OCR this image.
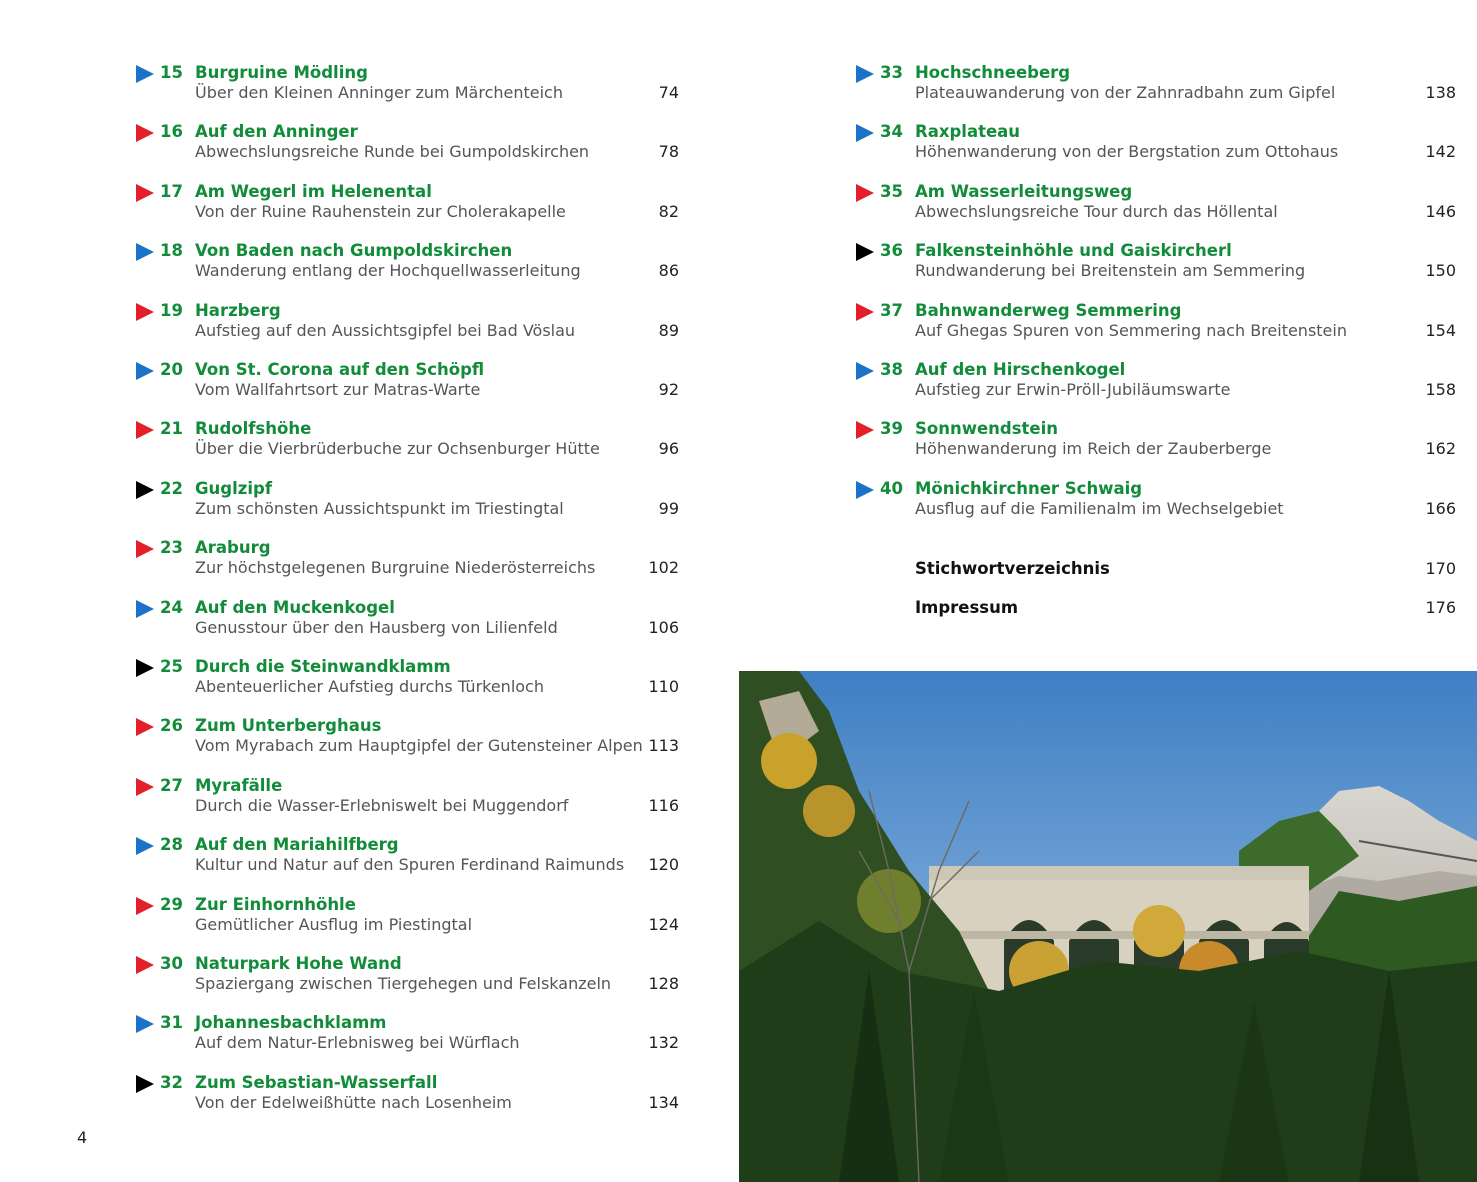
15 Burgruine Mödling
Über den Kleinen Anninger zum Märchenteich	74
16 Auf den Anninger
Abwechslungsreiche Runde bei Gumpoldskirchen	78
17 Am Wegerl im Helenental
Von der Ruine Rauhenstein zur Cholerakapelle	82
18 Von Baden nach Gumpoldskirchen
Wanderung entlang der Hochquellwasserleitung	86
19 Harzberg
Aufstieg auf den Aussichtsgipfel bei Bad Vöslau	89
20 Von St. Corona auf den Schöpfl
Vom Wallfahrtsort zur Matras-Warte	92
21 Rudolfshöhe
Über die Vierbrüderbuche zur Ochsenburger Hütte	96
22 Guglzipf
Zum schönsten Aussichtspunkt im Triestingtal	99
23 Araburg
Zur höchstgelegenen Burgruine Niederösterreichs	102
24 Auf den Muckenkogel
Genusstour über den Hausberg von Lilienfeld	106
25 Durch die Steinwandklamm
Abenteuerlicher Aufstieg durchs Türkenloch	110
26 Zum Unterberghaus
Vom Myrabach zum Hauptgipfel der Gutensteiner Alpen 113
27 Myrafälle
Durch die Wasser-Erlebniswelt bei Muggendorf	116
28 Auf den Mariahilfberg
Kultur und Natur auf den Spuren Ferdinand Raimunds 120
29 Zur Einhornhöhle
Gemütlicher Ausflug im Piestingtal	124
30 Naturpark Hohe Wand
Spaziergang zwischen Tiergehegen und Felskanzeln 128
31 Johannesbachklamm
Auf dem Natur-Erlebnisweg bei Würflach	132
32 Zum Sebastian-Wasserfall
Von der Edelweißhütte nach Losenheim	134
33 Hochschneeberg
Plateauwanderung von der Zahnradbahn zum Gipfel	138
34 Raxplateau
Höhenwanderung von der Bergstation zum Ottohaus	142
35 Am Wasserleitungsweg
Abwechslungsreiche Tour durch das Höllental	146
36 Falkensteinhöhle und Gaiskircherl
Rundwanderung bei Breitenstein am Semmering	150
37 Bahnwanderweg Semmering
Auf Ghegas Spuren von Semmering nach Breitenstein	154
38 Auf den Hirschenkogel
Aufstieg zur Erwin-Pröll-Jubiläumswarte	158
39 Sonnwendstein
Höhenwanderung im Reich der Zauberberge	162
40 Mönichkirchner Schwaig
Ausflug auf die Familienalm im Wechselgebiet	166
Stichwortverzeichnis	170
Impressum	176
4
